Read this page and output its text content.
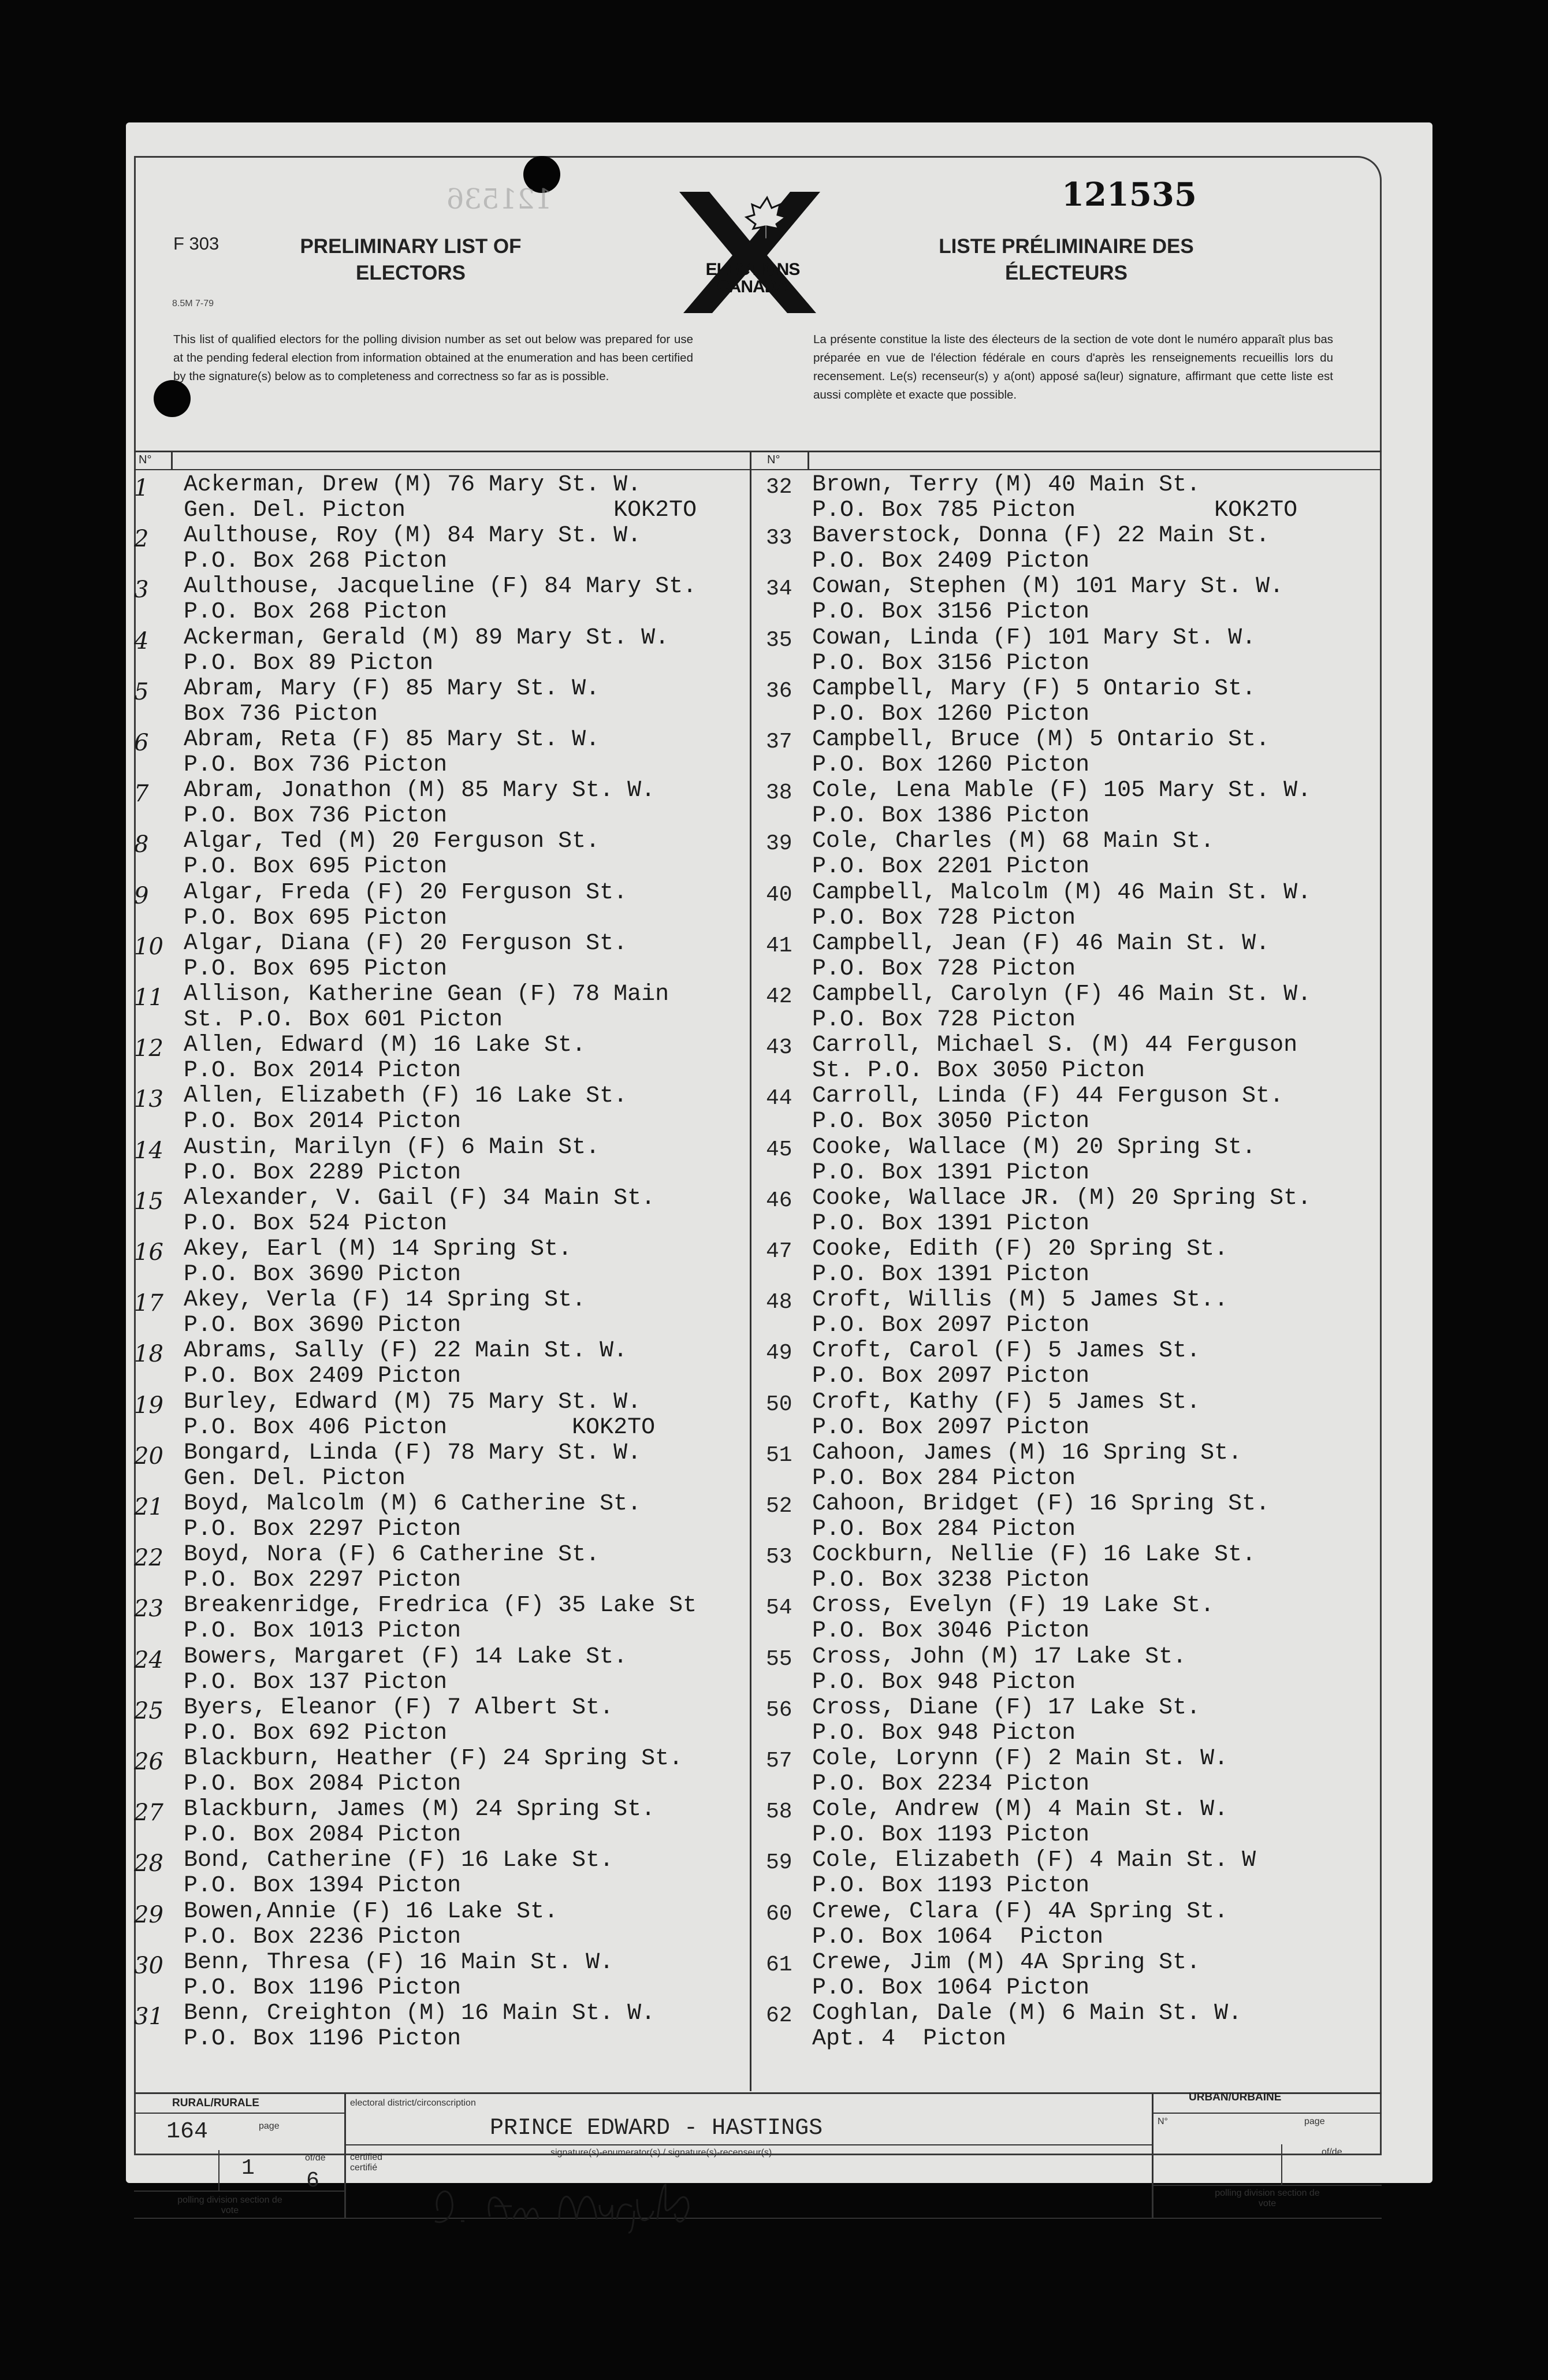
F 303
8.5M 7-79
PRELIMINARY LIST OF ELECTORS
LISTE PRÉLIMINAIRE DES ÉLECTEURS
121536	121535
ELECTIONS CANADA
This list of qualified electors for the polling division number as set out below was prepared for use at the pending federal election from information obtained at the enumeration and has been certified by the signature(s) below as to completeness and correctness so far as is possible.
La présente constitue la liste des électeurs de la section de vote dont le numéro apparaît plus bas préparée en vue de l'élection fédérale en cours d'après les renseignements recueillis lors du recensement. Le(s) recenseur(s) y a(ont) apposé sa(leur) signature, affirmant que cette liste est aussi complète et exacte que possible.
N°	N°
RURAL/RURALE	URBAN/URBAINE
electoral district/circonscription
PRINCE EDWARD - HASTINGS
page	page
N°
of/de
of/de
164
1
6
certified certifié
signature(s)-enumerator(s) / signature(s)-recenseur(s)
polling division section de vote
polling division section de vote
L. Ann Murphy
1	Ackerman, Drew (M) 76 Mary St. W.
Gen. Del. Picton               KOK2TO
2	Aulthouse, Roy (M) 84 Mary St. W.
P.O. Box 268 Picton
3	Aulthouse, Jacqueline (F) 84 Mary St.
P.O. Box 268 Picton
4	Ackerman, Gerald (M) 89 Mary St. W.
P.O. Box 89 Picton
5	Abram, Mary (F) 85 Mary St. W.
Box 736 Picton
6	Abram, Reta (F) 85 Mary St. W.
P.O. Box 736 Picton
7	Abram, Jonathon (M) 85 Mary St. W.
P.O. Box 736 Picton
8	Algar, Ted (M) 20 Ferguson St.
P.O. Box 695 Picton
9	Algar, Freda (F) 20 Ferguson St.
P.O. Box 695 Picton
10 Algar, Diana (F) 20 Ferguson St.
P.O. Box 695 Picton
11 Allison, Katherine Gean (F) 78 Main
St. P.O. Box 601 Picton
12 Allen, Edward (M) 16 Lake St.
P.O. Box 2014 Picton
13 Allen, Elizabeth (F) 16 Lake St.
P.O. Box 2014 Picton
14 Austin, Marilyn (F) 6 Main St.
P.O. Box 2289 Picton
15 Alexander, V. Gail (F) 34 Main St.
P.O. Box 524 Picton
16 Akey, Earl (M) 14 Spring St.
P.O. Box 3690 Picton
17 Akey, Verla (F) 14 Spring St.
P.O. Box 3690 Picton
18 Abrams, Sally (F) 22 Main St. W.
P.O. Box 2409 Picton
19 Burley, Edward (M) 75 Mary St. W.
P.O. Box 406 Picton         KOK2TO
20 Bongard, Linda (F) 78 Mary St. W.
Gen. Del. Picton
21 Boyd, Malcolm (M) 6 Catherine St.
P.O. Box 2297 Picton
22 Boyd, Nora (F) 6 Catherine St.
P.O. Box 2297 Picton
23 Breakenridge, Fredrica (F) 35 Lake St
P.O. Box 1013 Picton
24 Bowers, Margaret (F) 14 Lake St.
P.O. Box 137 Picton
25 Byers, Eleanor (F) 7 Albert St.
P.O. Box 692 Picton
26 Blackburn, Heather (F) 24 Spring St.
P.O. Box 2084 Picton
27 Blackburn, James (M) 24 Spring St.
P.O. Box 2084 Picton
28 Bond, Catherine (F) 16 Lake St.
P.O. Box 1394 Picton
29 Bowen,Annie (F) 16 Lake St.
P.O. Box 2236 Picton
30 Benn, Thresa (F) 16 Main St. W.
P.O. Box 1196 Picton
31 Benn, Creighton (M) 16 Main St. W.
P.O. Box 1196 Picton
32 Brown, Terry (M) 40 Main St.
P.O. Box 785 Picton          KOK2TO
33 Baverstock, Donna (F) 22 Main St.
P.O. Box 2409 Picton
34 Cowan, Stephen (M) 101 Mary St. W.
P.O. Box 3156 Picton
35 Cowan, Linda (F) 101 Mary St. W.
P.O. Box 3156 Picton
36 Campbell, Mary (F) 5 Ontario St.
P.O. Box 1260 Picton
37 Campbell, Bruce (M) 5 Ontario St.
P.O. Box 1260 Picton
38 Cole, Lena Mable (F) 105 Mary St. W.
P.O. Box 1386 Picton
39 Cole, Charles (M) 68 Main St.
P.O. Box 2201 Picton
40 Campbell, Malcolm (M) 46 Main St. W.
P.O. Box 728 Picton
41 Campbell, Jean (F) 46 Main St. W.
P.O. Box 728 Picton
42 Campbell, Carolyn (F) 46 Main St. W.
P.O. Box 728 Picton
43 Carroll, Michael S. (M) 44 Ferguson
St. P.O. Box 3050 Picton
44 Carroll, Linda (F) 44 Ferguson St.
P.O. Box 3050 Picton
45 Cooke, Wallace (M) 20 Spring St.
P.O. Box 1391 Picton
46 Cooke, Wallace JR. (M) 20 Spring St.
P.O. Box 1391 Picton
47 Cooke, Edith (F) 20 Spring St.
P.O. Box 1391 Picton
48 Croft, Willis (M) 5 James St..
P.O. Box 2097 Picton
49 Croft, Carol (F) 5 James St.
P.O. Box 2097 Picton
50 Croft, Kathy (F) 5 James St.
P.O. Box 2097 Picton
51 Cahoon, James (M) 16 Spring St.
P.O. Box 284 Picton
52 Cahoon, Bridget (F) 16 Spring St.
P.O. Box 284 Picton
53 Cockburn, Nellie (F) 16 Lake St.
P.O. Box 3238 Picton
54 Cross, Evelyn (F) 19 Lake St.
P.O. Box 3046 Picton
55 Cross, John (M) 17 Lake St.
P.O. Box 948 Picton
56 Cross, Diane (F) 17 Lake St.
P.O. Box 948 Picton
57 Cole, Lorynn (F) 2 Main St. W.
P.O. Box 2234 Picton
58 Cole, Andrew (M) 4 Main St. W.
P.O. Box 1193 Picton
59 Cole, Elizabeth (F) 4 Main St. W
P.O. Box 1193 Picton
60 Crewe, Clara (F) 4A Spring St.
P.O. Box 1064  Picton
61 Crewe, Jim (M) 4A Spring St.
P.O. Box 1064 Picton
62 Coghlan, Dale (M) 6 Main St. W.
Apt. 4  Picton
